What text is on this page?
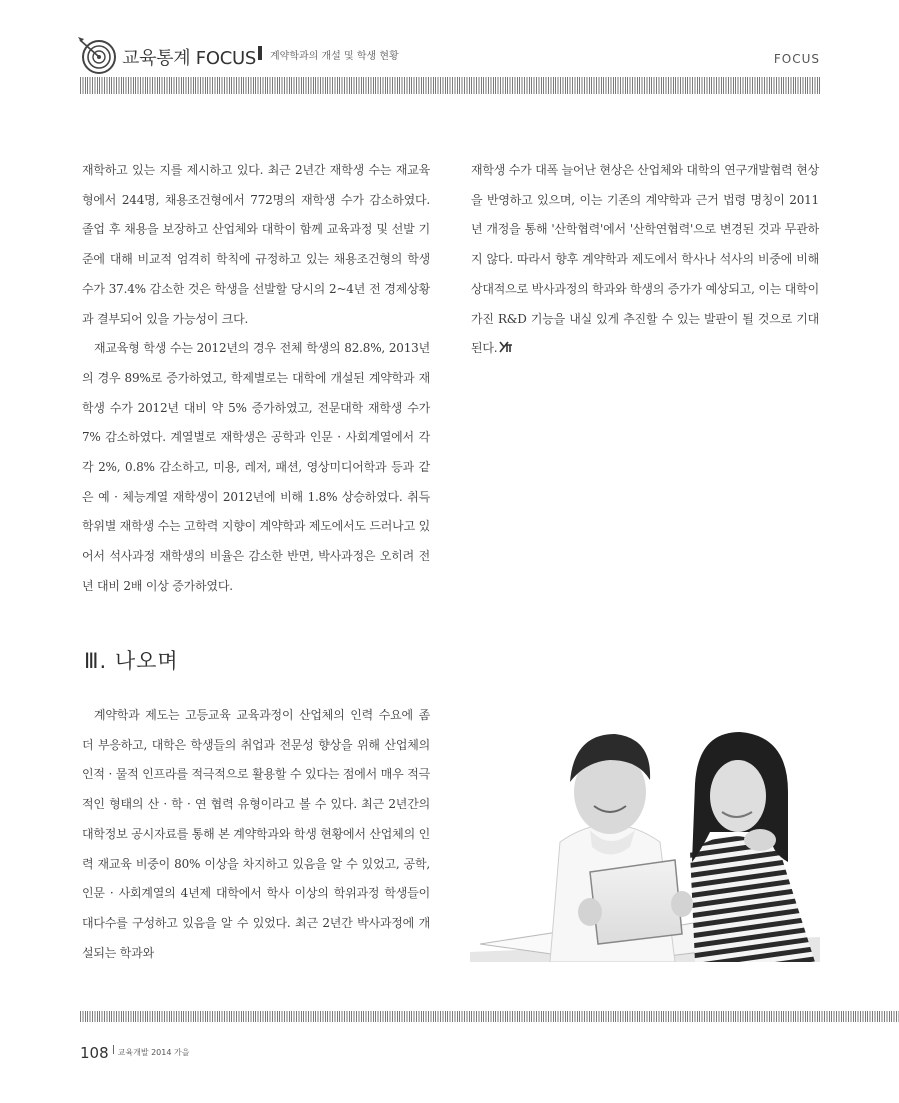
교육통계 FOCUS 계약학과의 개설 및 학생 현황	FOCUS

재학하고 있는 지를 제시하고 있다. 최근 2년간 재학생 수는 재교육형에서 244명, 채용조건형에서 772명의 재학생 수가 감소하였다. 졸업 후 채용을 보장하고 산업체와 대학이 함께 교육과정 및 선발 기준에 대해 비교적 엄격히 학칙에 규정하고 있는 채용조건형의 학생 수가 37.4% 감소한 것은 학생을 선발할 당시의 2~4년 전 경제상황과 결부되어 있을 가능성이 크다.

재교육형 학생 수는 2012년의 경우 전체 학생의 82.8%, 2013년의 경우 89%로 증가하였고, 학제별로는 대학에 개설된 계약학과 재학생 수가 2012년 대비 약 5% 증가하였고, 전문대학 재학생 수가 7% 감소하였다. 계열별로 재학생은 공학과 인문 · 사회계열에서 각각 2%, 0.8% 감소하고, 미용, 레저, 패션, 영상미디어학과 등과 같은 예 · 체능계열 재학생이 2012년에 비해 1.8% 상승하였다. 취득 학위별 재학생 수는 고학력 지향이 계약학과 제도에서도 드러나고 있어서 석사과정 재학생의 비율은 감소한 반면, 박사과정은 오히려 전년 대비 2배 이상 증가하였다.

재학생 수가 대폭 늘어난 현상은 산업체와 대학의 연구개발협력 현상을 반영하고 있으며, 이는 기존의 계약학과 근거 법령 명칭이 2011년 개정을 통해 '산학협력'에서 '산학연협력'으로 변경된 것과 무관하지 않다. 따라서 향후 계약학과 제도에서 학사나 석사의 비중에 비해 상대적으로 박사과정의 학과와 학생의 증가가 예상되고, 이는 대학이 가진 R&D 기능을 내실 있게 추진할 수 있는 발판이 될 것으로 기대된다.

Ⅲ. 나오며

계약학과 제도는 고등교육 교육과정이 산업체의 인력 수요에 좀 더 부응하고, 대학은 학생들의 취업과 전문성 향상을 위해 산업체의 인적 · 물적 인프라를 적극적으로 활용할 수 있다는 점에서 매우 적극적인 형태의 산 · 학 · 연 협력 유형이라고 볼 수 있다. 최근 2년간의 대학정보 공시자료를 통해 본 계약학과와 학생 현황에서 산업체의 인력 재교육 비중이 80% 이상을 차지하고 있음을 알 수 있었고, 공학, 인문 · 사회계열의 4년제 대학에서 학사 이상의 학위과정 학생들이 대다수를 구성하고 있음을 알 수 있었다. 최근 2년간 박사과정에 개설되는 학과와

108 교육개발 2014 가을
